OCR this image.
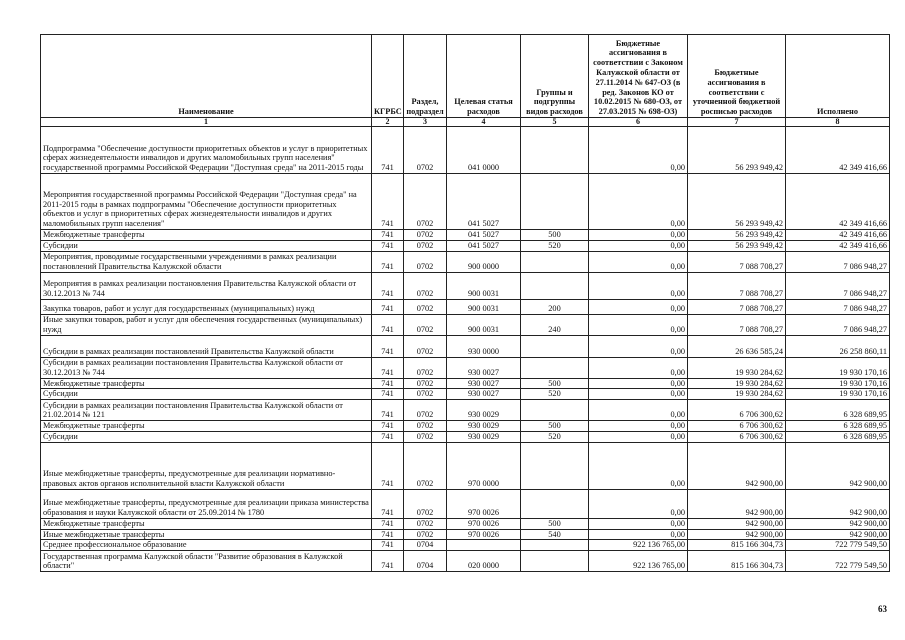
Наименование	КГРБС	Раздел, подраздел	Целевая статья расходов	Группы и подгруппы видов расходов	Бюджетные ассигнования в соответствии с Законом Калужской области от 27.11.2014 № 647-ОЗ (в ред. Законов КО от 10.02.2015 № 680-ОЗ, от 27.03.2015 № 698-ОЗ)	Бюджетные ассигнования в соответствии с уточненной бюджетной росписью расходов	Исполнено
1	2	3	4	5	6	7	8
Подпрограмма "Обеспечение доступности приоритетных объектов и услуг в приоритетных сферах жизнедеятельности инвалидов и других маломобильных групп населения" государственной программы Российской Федерации "Доступная среда" на 2011-2015 годы	741	0702	041 0000		0,00	56 293 949,42	42 349 416,66
Мероприятия государственной программы Российской Федерации "Доступная среда" на 2011-2015 годы в рамках подпрограммы "Обеспечение доступности приоритетных объектов и услуг в приоритетных сферах жизнедеятельности инвалидов и других маломобильных групп населения"	741	0702	041 5027		0,00	56 293 949,42	42 349 416,66
Межбюджетные трансферты	741	0702	041 5027	500	0,00	56 293 949,42	42 349 416,66
Субсидии	741	0702	041 5027	520	0,00	56 293 949,42	42 349 416,66
Мероприятия, проводимые государственными учреждениями в рамках реализации постановлений Правительства Калужской области	741	0702	900 0000		0,00	7 088 708,27	7 086 948,27
Мероприятия в рамках реализации постановления Правительства Калужской области от 30.12.2013 № 744	741	0702	900 0031		0,00	7 088 708,27	7 086 948,27
Закупка товаров, работ и услуг для государственных (муниципальных) нужд	741	0702	900 0031	200	0,00	7 088 708,27	7 086 948,27
Иные закупки товаров, работ и услуг для обеспечения государственных (муниципальных) нужд	741	0702	900 0031	240	0,00	7 088 708,27	7 086 948,27
Субсидии в рамках реализации постановлений Правительства Калужской области	741	0702	930 0000		0,00	26 636 585,24	26 258 860,11
Субсидии в рамках реализации постановления Правительства Калужской области от 30.12.2013 № 744	741	0702	930 0027		0,00	19 930 284,62	19 930 170,16
Межбюджетные трансферты	741	0702	930 0027	500	0,00	19 930 284,62	19 930 170,16
Субсидии	741	0702	930 0027	520	0,00	19 930 284,62	19 930 170,16
Субсидии в рамках реализации постановления Правительства Калужской области от 21.02.2014 № 121	741	0702	930 0029		0,00	6 706 300,62	6 328 689,95
Межбюджетные трансферты	741	0702	930 0029	500	0,00	6 706 300,62	6 328 689,95
Субсидии	741	0702	930 0029	520	0,00	6 706 300,62	6 328 689,95
Иные межбюджетные трансферты, предусмотренные для реализации нормативно-правовых актов органов исполнительной власти Калужской области	741	0702	970 0000		0,00	942 900,00	942 900,00
Иные межбюджетные трансферты, предусмотренные для реализации приказа министерства образования и науки Калужской области от 25.09.2014 № 1780	741	0702	970 0026		0,00	942 900,00	942 900,00
Межбюджетные трансферты	741	0702	970 0026	500	0,00	942 900,00	942 900,00
Иные межбюджетные трансферты	741	0702	970 0026	540	0,00	942 900,00	942 900,00
Среднее профессиональное образование	741	0704			922 136 765,00	815 166 304,73	722 779 549,50
Государственная программа Калужской области "Развитие образования в Калужской области"	741	0704	020 0000		922 136 765,00	815 166 304,73	722 779 549,50
63
